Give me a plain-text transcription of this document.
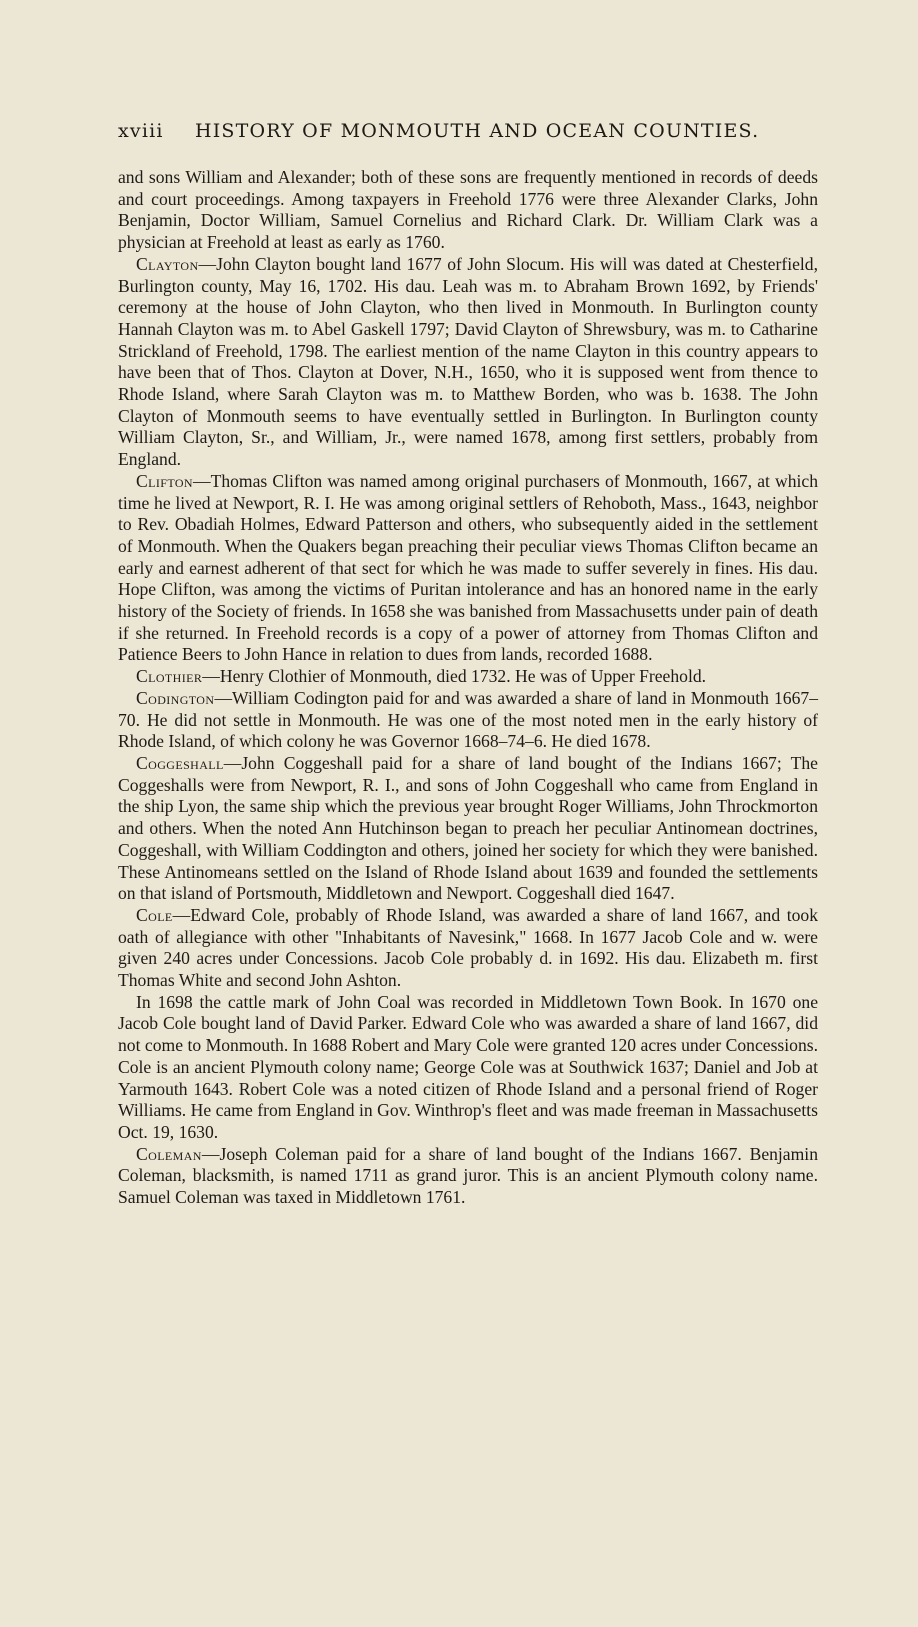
xviii HISTORY OF MONMOUTH AND OCEAN COUNTIES.

and sons William and Alexander; both of these sons are frequently mentioned in records of deeds and court proceedings. Among taxpayers in Freehold 1776 were three Alexander Clarks, John Benjamin, Doctor William, Samuel Cornelius and Richard Clark. Dr. William Clark was a physician at Freehold at least as early as 1760.

Clayton—John Clayton bought land 1677 of John Slocum. His will was dated at Chesterfield, Burlington county, May 16, 1702. His dau. Leah was m. to Abraham Brown 1692, by Friends' ceremony at the house of John Clayton, who then lived in Monmouth. In Burlington county Hannah Clayton was m. to Abel Gaskell 1797; David Clayton of Shrewsbury, was m. to Catharine Strickland of Freehold, 1798. The earliest mention of the name Clayton in this country appears to have been that of Thos. Clayton at Dover, N.H., 1650, who it is supposed went from thence to Rhode Island, where Sarah Clayton was m. to Matthew Borden, who was b. 1638. The John Clayton of Monmouth seems to have eventually settled in Burlington. In Burlington county William Clayton, Sr., and William, Jr., were named 1678, among first settlers, probably from England.

Clifton—Thomas Clifton was named among original purchasers of Monmouth, 1667, at which time he lived at Newport, R. I. He was among original settlers of Rehoboth, Mass., 1643, neighbor to Rev. Obadiah Holmes, Edward Patterson and others, who subsequently aided in the settlement of Monmouth. When the Quakers began preaching their peculiar views Thomas Clifton became an early and earnest adherent of that sect for which he was made to suffer severely in fines. His dau. Hope Clifton, was among the victims of Puritan intolerance and has an honored name in the early history of the Society of friends. In 1658 she was banished from Massachusetts under pain of death if she returned. In Freehold records is a copy of a power of attorney from Thomas Clifton and Patience Beers to John Hance in relation to dues from lands, recorded 1688.

Clothier—Henry Clothier of Monmouth, died 1732. He was of Upper Freehold.

Codington—William Codington paid for and was awarded a share of land in Monmouth 1667–70. He did not settle in Monmouth. He was one of the most noted men in the early history of Rhode Island, of which colony he was Governor 1668–74–6. He died 1678.

Coggeshall—John Coggeshall paid for a share of land bought of the Indians 1667; The Coggeshalls were from Newport, R. I., and sons of John Coggeshall who came from England in the ship Lyon, the same ship which the previous year brought Roger Williams, John Throckmorton and others. When the noted Ann Hutchinson began to preach her peculiar Antinomean doctrines, Coggeshall, with William Coddington and others, joined her society for which they were banished. These Antinomeans settled on the Island of Rhode Island about 1639 and founded the settlements on that island of Portsmouth, Middletown and Newport. Coggeshall died 1647.

Cole—Edward Cole, probably of Rhode Island, was awarded a share of land 1667, and took oath of allegiance with other "Inhabitants of Navesink," 1668. In 1677 Jacob Cole and w. were given 240 acres under Concessions. Jacob Cole probably d. in 1692. His dau. Elizabeth m. first Thomas White and second John Ashton.

In 1698 the cattle mark of John Coal was recorded in Middletown Town Book. In 1670 one Jacob Cole bought land of David Parker. Edward Cole who was awarded a share of land 1667, did not come to Monmouth. In 1688 Robert and Mary Cole were granted 120 acres under Concessions. Cole is an ancient Plymouth colony name; George Cole was at Southwick 1637; Daniel and Job at Yarmouth 1643. Robert Cole was a noted citizen of Rhode Island and a personal friend of Roger Williams. He came from England in Gov. Winthrop's fleet and was made freeman in Massachusetts Oct. 19, 1630.

Coleman—Joseph Coleman paid for a share of land bought of the Indians 1667. Benjamin Coleman, blacksmith, is named 1711 as grand juror. This is an ancient Plymouth colony name. Samuel Coleman was taxed in Middletown 1761.
